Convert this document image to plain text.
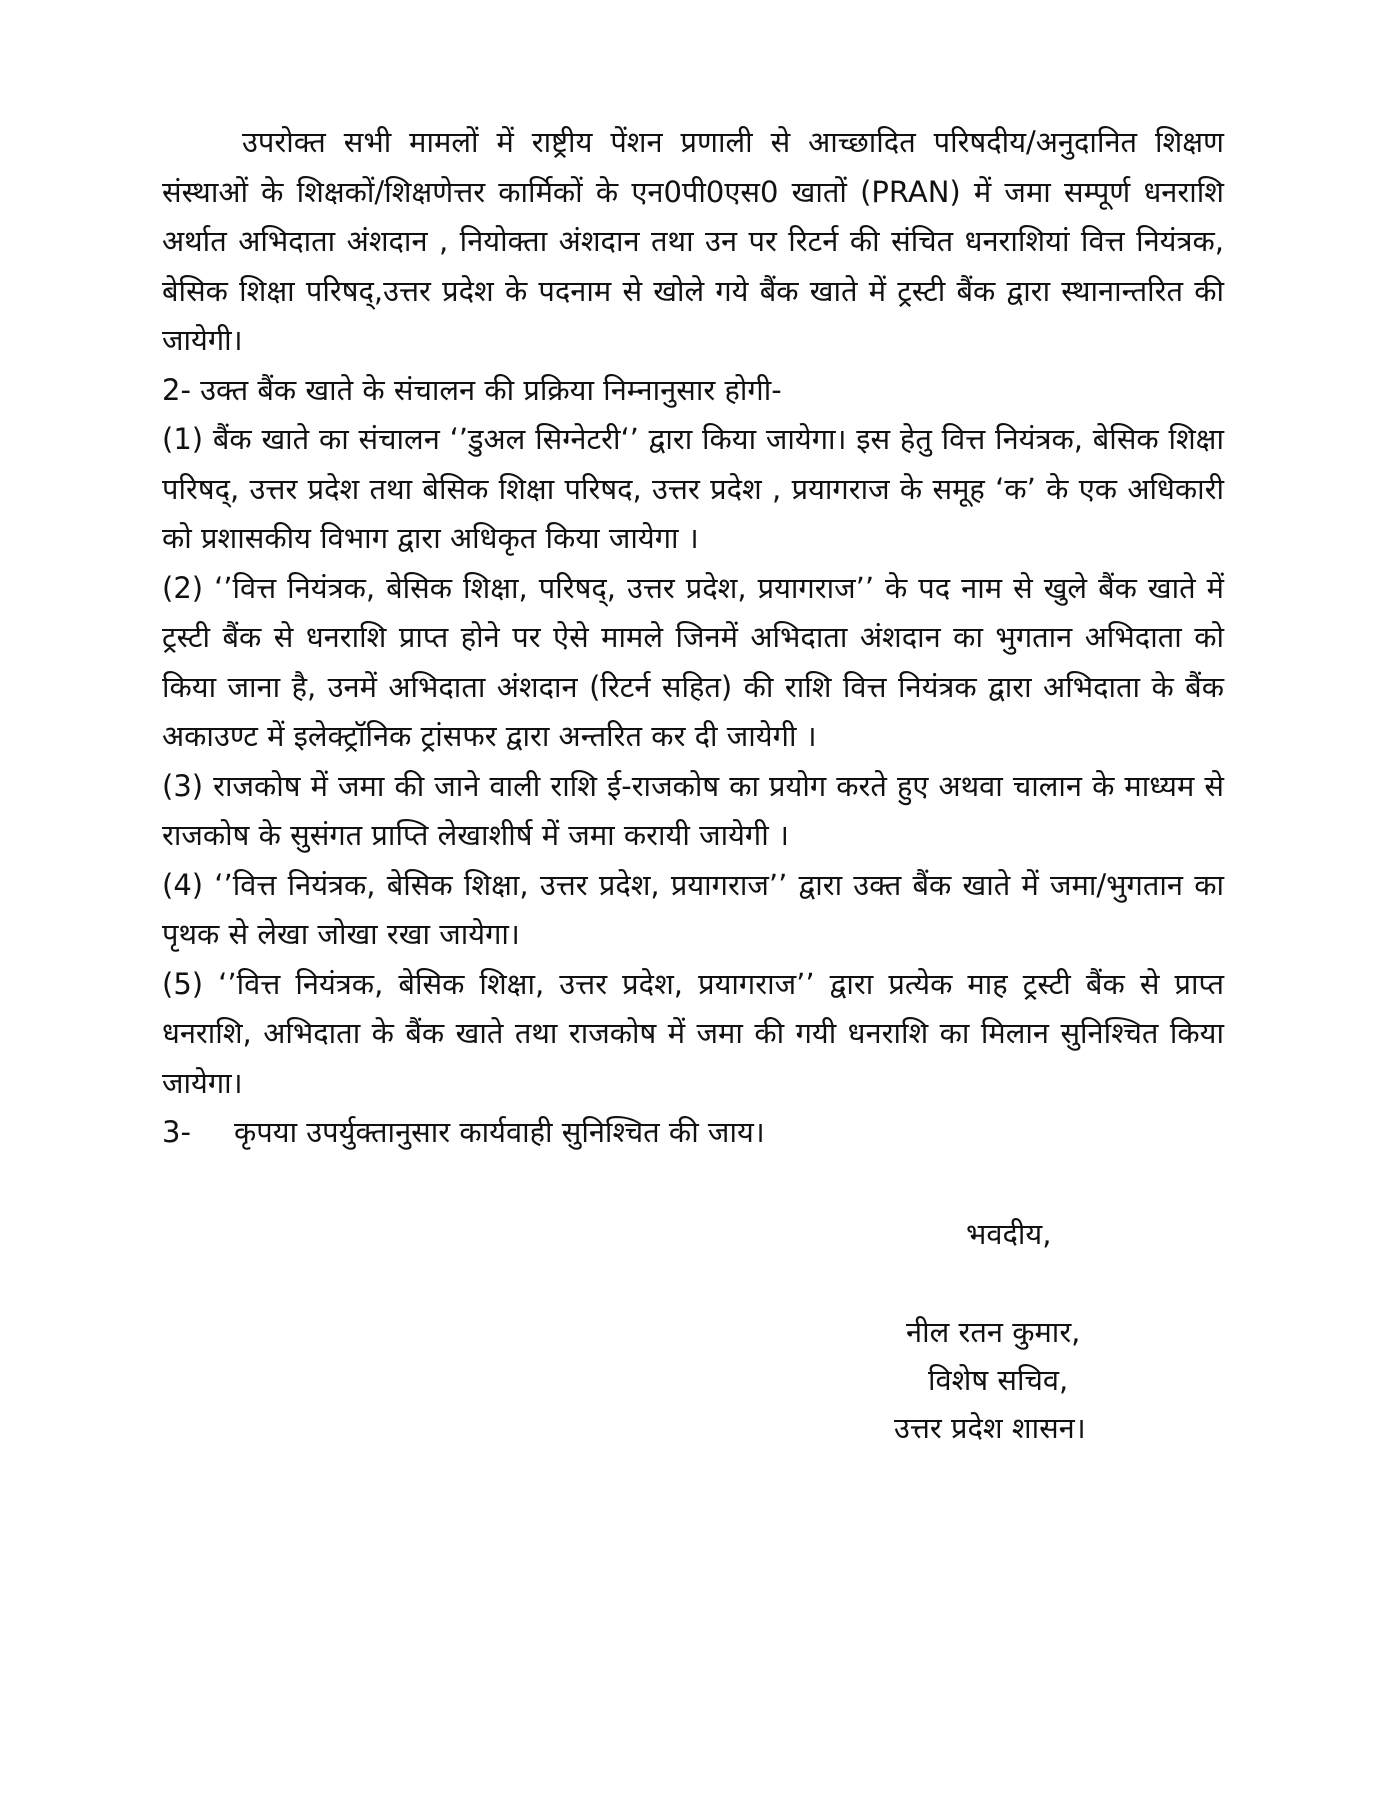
उपरोक्त सभी मामलों में राष्ट्रीय पेंशन प्रणाली से आच्छादित परिषदीय/अनुदानित शिक्षण संस्थाओं के शिक्षकों/शिक्षणेत्तर कार्मिकों के एन0पी0एस0 खातों (PRAN) में जमा सम्पूर्ण धनराशि अर्थात अभिदाता अंशदान , नियोक्ता अंशदान तथा उन पर रिटर्न की संचित धनराशियां वित्त नियंत्रक, बेसिक शिक्षा परिषद्,उत्तर प्रदेश के पदनाम से खोले गये बैंक खाते में ट्रस्टी बैंक द्वारा स्थानान्तरित की जायेगी।

2- उक्त बैंक खाते के संचालन की प्रक्रिया निम्नानुसार होगी-

(1) बैंक खाते का संचालन ‘’डुअल सिग्नेटरी‘’ द्वारा किया जायेगा। इस हेतु वित्त नियंत्रक, बेसिक शिक्षा परिषद्, उत्तर प्रदेश तथा बेसिक शिक्षा परिषद, उत्तर प्रदेश , प्रयागराज के समूह ‘क’ के एक अधिकारी को प्रशासकीय विभाग द्वारा अधिकृत किया जायेगा ।

(2) ‘’वित्त नियंत्रक, बेसिक शिक्षा, परिषद्, उत्तर प्रदेश, प्रयागराज’’ के पद नाम से खुले बैंक खाते में ट्रस्टी बैंक से धनराशि प्राप्त होने पर ऐसे मामले जिनमें अभिदाता अंशदान का भुगतान अभिदाता को किया जाना है, उनमें अभिदाता अंशदान (रिटर्न सहित) की राशि वित्त नियंत्रक द्वारा अभिदाता के बैंक अकाउण्ट में इलेक्ट्रॉनिक ट्रांसफर द्वारा अन्तरित कर दी जायेगी ।

(3) राजकोष में जमा की जाने वाली राशि ई-राजकोष का प्रयोग करते हुए अथवा चालान के माध्यम से राजकोष के सुसंगत प्राप्ति लेखाशीर्ष में जमा करायी जायेगी ।

(4) ‘’वित्त नियंत्रक, बेसिक शिक्षा, उत्तर प्रदेश, प्रयागराज’’ द्वारा उक्त बैंक खाते में जमा/भुगतान का पृथक से लेखा जोखा रखा जायेगा।

(5) ‘’वित्त नियंत्रक, बेसिक शिक्षा, उत्तर प्रदेश, प्रयागराज’’ द्वारा प्रत्येक माह ट्रस्टी बैंक से प्राप्त धनराशि, अभिदाता के बैंक खाते तथा राजकोष में जमा की गयी धनराशि का मिलान सुनिश्चित किया जायेगा।

3- कृपया उपर्युक्तानुसार कार्यवाही सुनिश्चित की जाय।

भवदीय,
नील रतन कुमार,
विशेष सचिव,
उत्तर प्रदेश शासन।
